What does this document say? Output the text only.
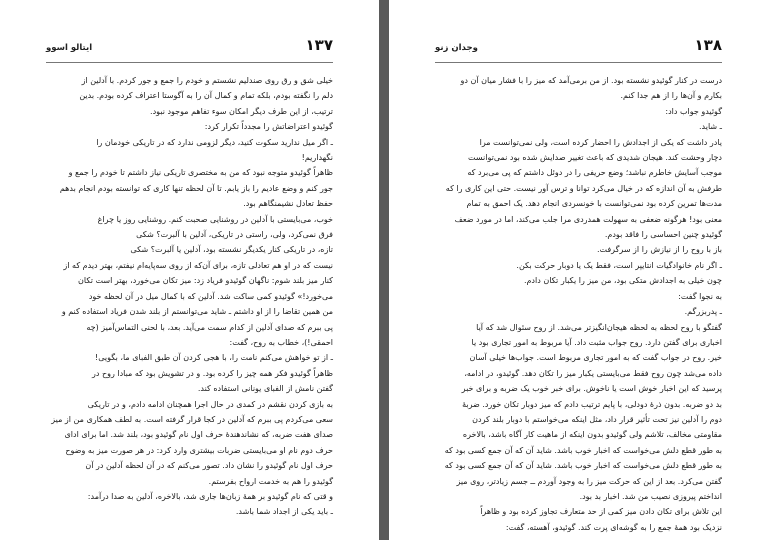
ایتالو اسوو	۱۳۷

خیلی شق و رق روی صندلیم نشستم و خودم را جمع و جور کردم. با آدلین از

دلم را نگفته بودم، بلکه تمام و کمال آن را به آگوستا اعتراف کرده بودم. بدین

ترتیب، از این طرف دیگر امکان سوء تفاهم موجود نبود.

گوئیدو اعتراضاتش را مجدداً تکرار کرد:

ـ اگر میل ندارید سکوت کنید، دیگر لزومی ندارد که در تاریکی خودمان را

نگهداریم!

ظاهراً گوئیدو متوجه نبود که من به مختصری تاریکی نیاز داشتم تا خودم را جمع و

جور کنم و وضع عادیم را باز یابم. تا آن لحظه تنها کاری که توانسته بودم انجام بدهم

حفظ تعادل نشیمنگاهم بود.

خوب، می‌بایستی با آدلین در روشنایی صحبت کنم. روشنایی روز یا چراغ

فرق نمی‌کرد، ولی، راستی در تاریکی، آدلین با آلبرت؟ شکی

تازه، در تاریکی کنار یکدیگر نشسته بود، آدلین یا آلبرت؟ شکی

نیست که در او هم تعادلی تازه، برای آن‌که از روی سه‌پایه‌ام نیفتم، بهتر دیدم که از

کنار میز بلند شوم: ناگهان گوئیدو فریاد زد: میز تکان می‌خورد، بهتر است تکان

می‌خورد!» گوئیدو کمی ساکت شد. آدلین که با کمال میل در آن لحظه خود

من همین تقاضا را از او داشتم ـ شاید می‌توانستم از بلند شدن فریاد استفاده کنم و

پی ببرم که صدای آدلین از کدام سمت می‌آید. بعد، با لحنی التماس‌آمیز (چه

احمقی!)، خطاب به روح، گفت:

ـ از تو خواهش می‌کنم نامت را، با هجی کردن آن طبق الفبای ما، بگویی!

ظاهراً گوئیدو فکر همه چیز را کرده بود. و در تشویش بود که مبادا روح در

گفتن نامش از الفبای یونانی استفاده کند.

به بازی کردن نقشم در کمدی در حال اجرا همچنان ادامه دادم، و در تاریکی

سعی می‌کردم پی ببرم که آدلین در کجا قرار گرفته است. به لطف همکاری من از میز

صدای هفت ضربه، که نشاندهندهٔ حرف اول نام گوئیدو بود، بلند شد. اما برای ادای

حرف دوم نام او می‌بایستی ضربات بیشتری وارد کرد: در هر صورت میز به وضوح

حرف اول نام گوئیدو را نشان داد. تصور می‌کنم که در آن لحظه آدلین در آن

گوئیدو را هم به خدمت ارواح بفرستم.

و قتی که نام گوئیدو بر همهٔ زبان‌ها جاری شد، بالاخره، آدلین به صدا درآمد:

ـ باید یکی از اجداد شما باشد.

وجدان زنو	۱۳۸

درست در کنار گوئیدو نشسته بود. از من برمی‌آمد که میز را با فشار میان آن دو

بکارم و آن‌ها را از هم جدا کنم.

گوئیدو جواب داد:

ـ شاید.

یادر داشت که یکی از اجدادش را احضار کرده است، ولی نمی‌توانست مرا

دچار وحشت کند. هیجان شدیدی که باعث تغییر صدایش شده بود نمی‌توانست

موجب آسایش خاطرم نباشد؛ وضع حریفی را در دوئل داشتم که پی می‌برد که

طرفش به آن اندازه که در خیال می‌کرد توانا و ترس آور نیست. حتی این کاری را که

مدت‌ها تمرین کرده بود نمی‌توانست با خونسردی انجام دهد. یک احمق به تمام

معنی بود! هرگونه ضعفی به سهولت همدردی مرا جلب می‌کند، اما در مورد ضعف

گوئیدو چنین احساسی را فاقد بودم.

باز با روح را از نیازش را از سرگرفت.

ـ اگر نام خانوادگیات انتایپر است، فقط یک یا دوبار حرکت بکن.

چون خیلی به اجدادش متکی بود، من میز را یکبار تکان دادم.

به نجوا گفت:

ـ پدربزرگم.

گفتگو با روح لحظه به لحظه هیجان‌انگیزتر می‌شد. از روح سئوال شد که آیا

اخباری برای گفتن دارد. روح جواب مثبت داد. آیا مربوط به امور تجاری بود یا

خیر. روح در جواب گفت که به امور تجاری مربوط است. جواب‌ها خیلی آسان

داده می‌شد چون روح فقط می‌بایستی یکبار میز را تکان دهد. گوئیدو، در ادامه،

پرسید که این اخبار خوش است یا ناخوش. برای خبر خوب یک ضربه و برای خبر

بد دو ضربه. بدون ذرهٔ دودلی، با پایم ترتیب دادم که میز دوبار تکان خورد. ضربهٔ

دوم را آدلین نیز تحت تأثیر قرار داد، مثل اینکه می‌خواستم با دوبار بلند کردن

مقاومتی مخالف، تلاشم ولی گوئیدو بدون اینکه از ماهیت کار آگاه باشد، بالاخره

به طور قطع دلش می‌خواست که اخبار خوب باشد. شاید آن که آن جمع کسی بود که

به طور قطع دلش می‌خواست که اخبار خوب باشد. شاید آن که آن جمع کسی بود که

گفتن می‌کرد. بعد از این که حرکت میز را به وجود آوردم ــ جسم زیادتر، روی میز

انداختم پیروزی نصیب من شد. اخبار بد بود.

این تلاش برای تکان دادن میز کمی از حد متعارف تجاوز کرده بود و ظاهراً

نزدیک بود همهٔ جمع را به گوشه‌ای پرت کند. گوئیدو، آهسته، گفت:
